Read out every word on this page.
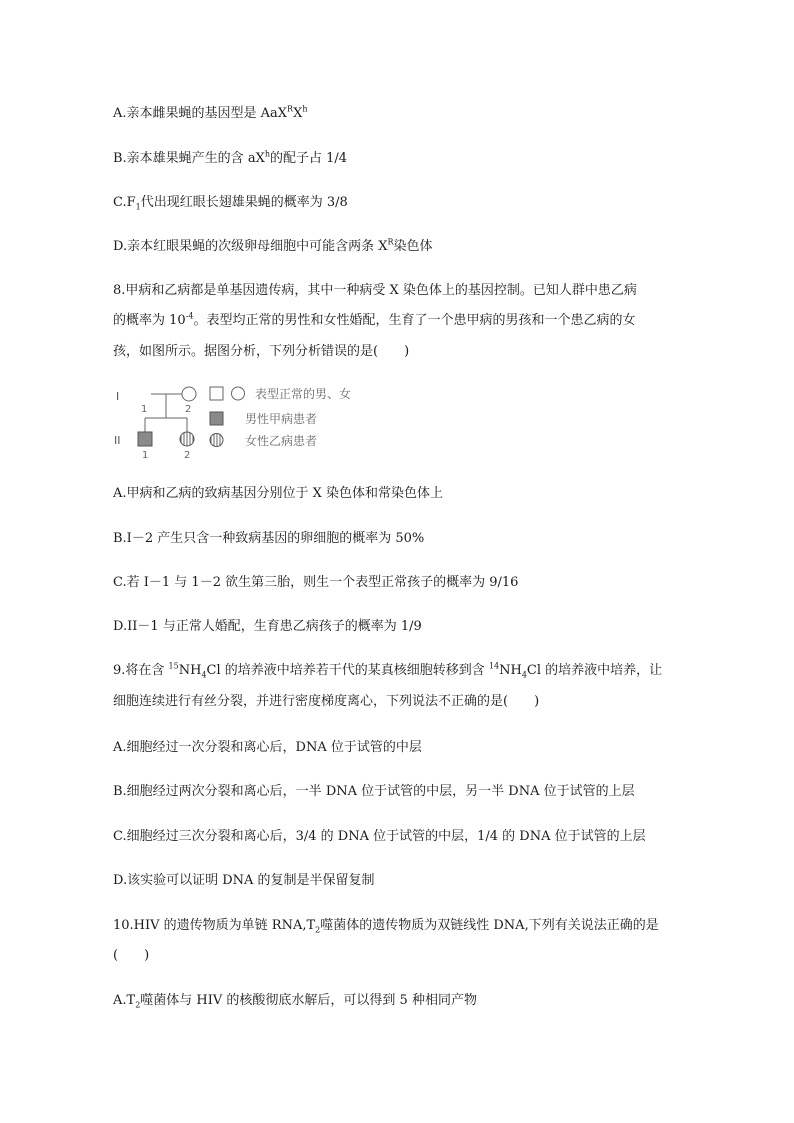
A.亲本雌果蝇的基因型是 $AaX^RX^h$
B.亲本雄果蝇产生的含 $aX^h$的配子占 1/4
$C.F_1$代出现红眼长翅雄果蝇的概率为 3/8
D.亲本红眼果蝇的次级卵母细胞中可能含两条 $X^R$染色体
8.甲病和乙病都是单基因遗传病，其中一种病受 X 染色体上的基因控制。已知人群中患乙病
的概率为 $10^{-4}$。表型均正常的男性和女性婚配，生育了一个患甲病的男孩和一个患乙病的女
孩，如图所示。据图分析，下列分析错误的是(　　)
I
II
1	2
1	2
表型正常的男、女
男性甲病患者
女性乙病患者
A.甲病和乙病的致病基因分别位于 X 染色体和常染色体上
B.I－2 产生只含一种致病基因的卵细胞的概率为 50%
C.若 I－1 与 1－2 欲生第三胎，则生一个表型正常孩子的概率为 9/16
D.II－1 与正常人婚配，生育患乙病孩子的概率为 1/9
9.将在含 $^{15}NH_4Cl$ 的培养液中培养若干代的某真核细胞转移到含 $^{14}NH_4Cl$ 的培养液中培养，让
细胞连续进行有丝分裂，并进行密度梯度离心，下列说法不正确的是(　　)
A.细胞经过一次分裂和离心后，DNA 位于试管的中层
B.细胞经过两次分裂和离心后，一半 DNA 位于试管的中层，另一半 DNA 位于试管的上层
C.细胞经过三次分裂和离心后，3/4 的 DNA 位于试管的中层，1/4 的 DNA 位于试管的上层
D.该实验可以证明 DNA 的复制是半保留复制
10.HIV 的遗传物质为单链 $RNA,T_2$噬菌体的遗传物质为双链线性 DNA,下列有关说法正确的是
(　　)
$A.T_2$噬菌体与 HIV 的核酸彻底水解后，可以得到 5 种相同产物
